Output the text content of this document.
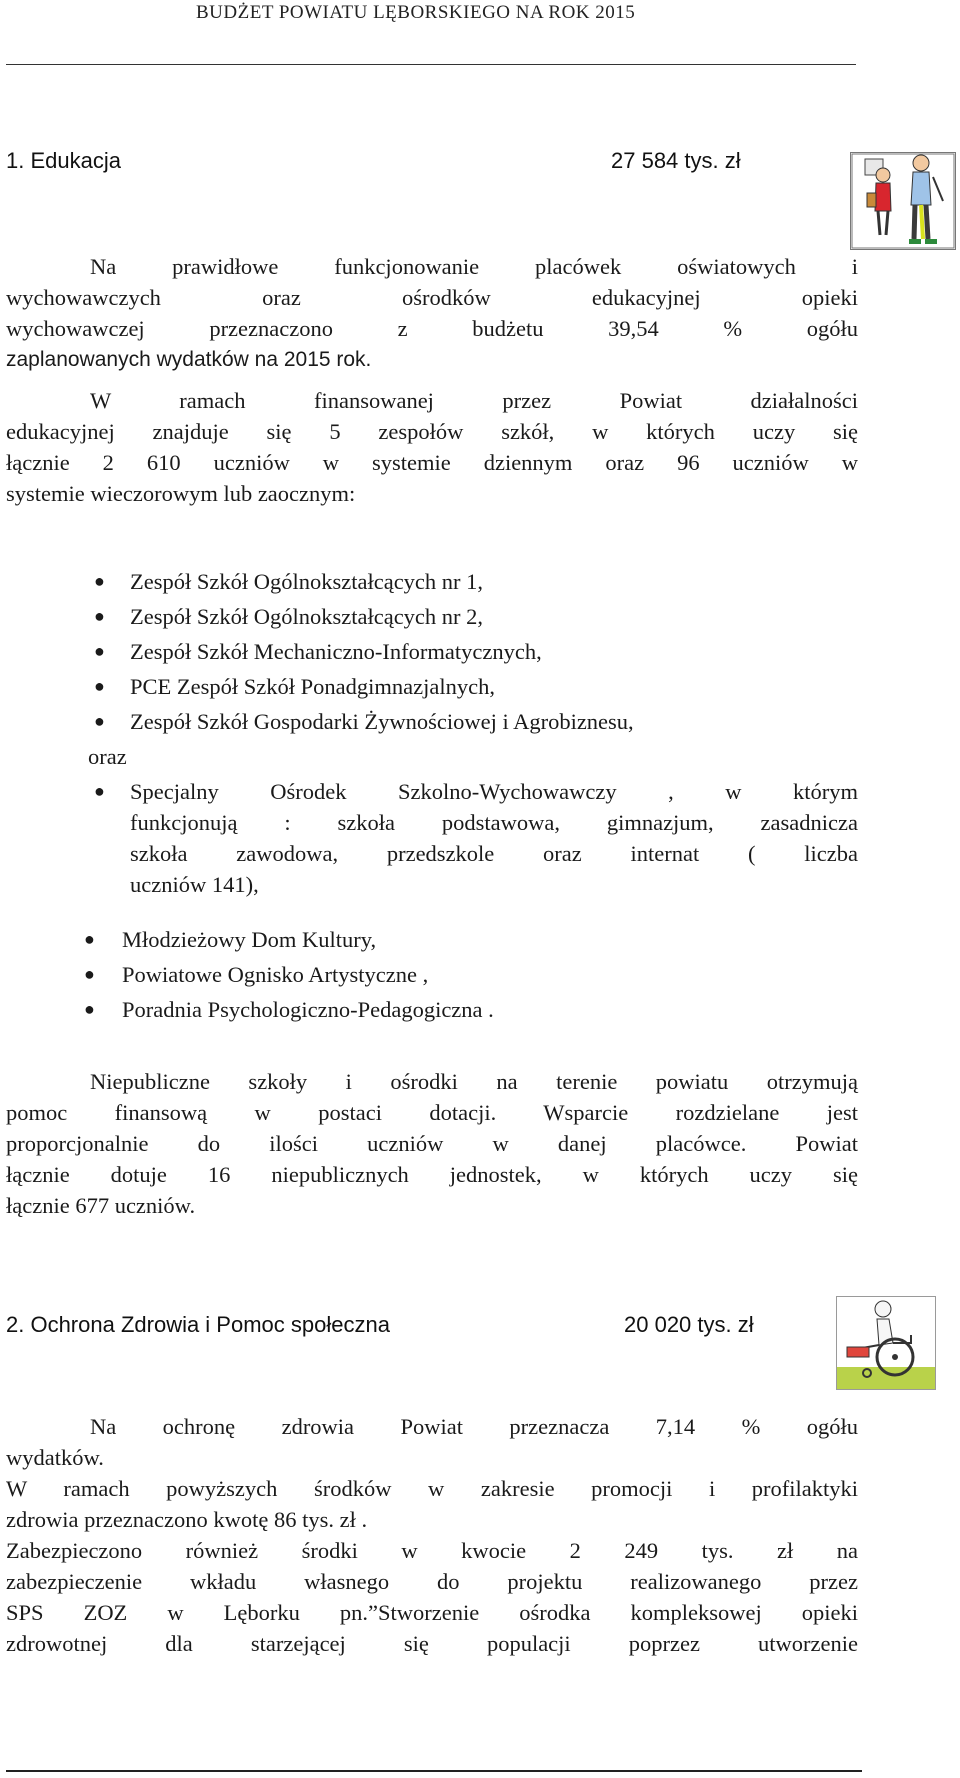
BUDŻET POWIATU LĘBORSKIEGO NA ROK 2015
1. Edukacja	27 584 tys. zł
Na prawidłowe funkcjonowanie placówek oświatowych i
wychowawczych oraz ośrodków edukacyjnej opieki
wychowawczej przeznaczono z budżetu 39,54 % ogółu
zaplanowanych wydatków na 2015 rok.
W ramach finansowanej przez Powiat działalności
edukacyjnej znajduje się 5 zespołów szkół, w których uczy się
łącznie 2 610 uczniów w systemie dziennym oraz 96 uczniów w
systemie wieczorowym lub zaocznym:
● Zespół Szkół Ogólnokształcących nr 1,
● Zespół Szkół Ogólnokształcących nr 2,
● Zespół Szkół Mechaniczno-Informatycznych,
● PCE Zespół Szkół Ponadgimnazjalnych,
● Zespół Szkół Gospodarki Żywnościowej i Agrobiznesu,
oraz
● Specjalny Ośrodek Szkolno-Wychowawczy , w którym
funkcjonują : szkoła podstawowa, gimnazjum, zasadnicza
szkoła zawodowa, przedszkole oraz internat ( liczba
uczniów 141),
● Młodzieżowy Dom Kultury,
● Powiatowe Ognisko Artystyczne ,
● Poradnia Psychologiczno-Pedagogiczna .
Niepubliczne szkoły i ośrodki na terenie powiatu otrzymują
pomoc finansową w postaci dotacji. Wsparcie rozdzielane jest
proporcjonalnie do ilości uczniów w danej placówce. Powiat
łącznie dotuje 16 niepublicznych jednostek, w których uczy się
łącznie 677 uczniów.
2. Ochrona Zdrowia i Pomoc społeczna	20 020 tys. zł
Na ochronę zdrowia Powiat przeznacza 7,14 % ogółu
wydatków.
W ramach powyższych środków w zakresie promocji i profilaktyki
zdrowia przeznaczono kwotę 86 tys. zł .
Zabezpieczono również środki w kwocie 2 249 tys. zł na
zabezpieczenie wkładu własnego do projektu realizowanego przez
SPS ZOZ w Lęborku pn.”Stworzenie ośrodka kompleksowej opieki
zdrowotnej dla starzejącej się populacji poprzez utworzenie
